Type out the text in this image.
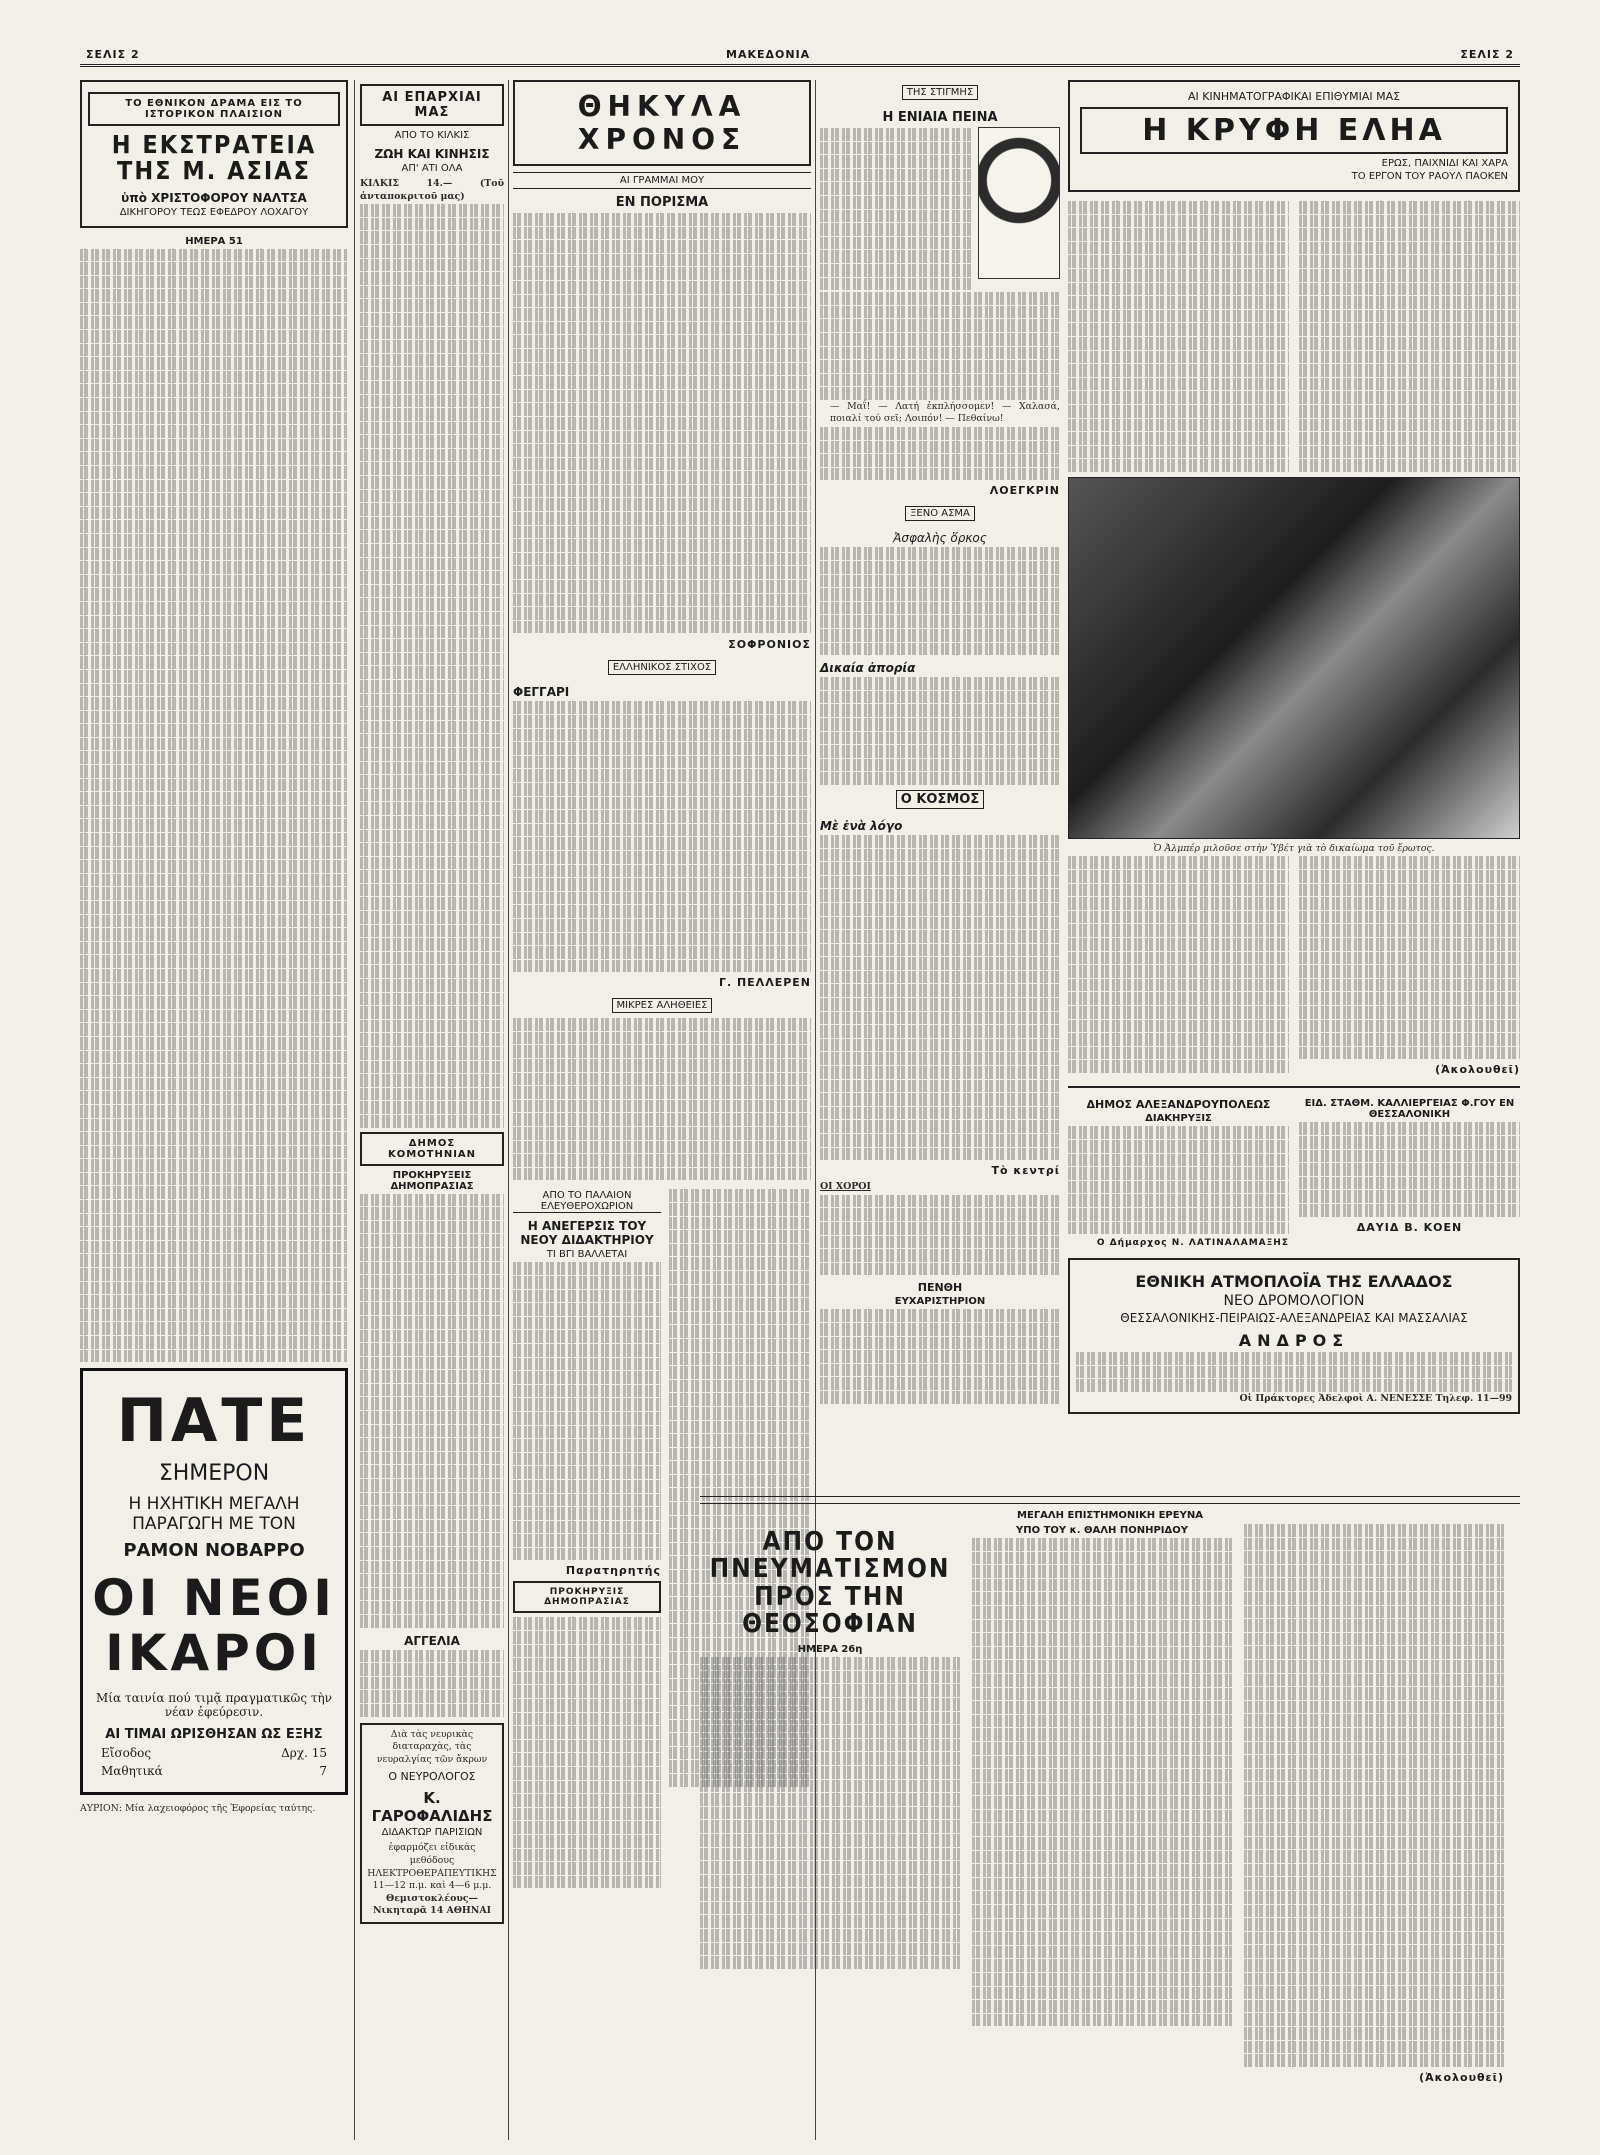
ΣΕΛΙΣ 2	ΜΑΚΕΔΟΝΙΑ	ΣΕΛΙΣ 2
ΤΟ ΕΘΝΙΚΟΝ ΔΡΑΜΑ ΕΙΣ ΤΟ ΙΣΤΟΡΙΚΟΝ ΠΛΑΙΣΙΟΝ
Η ΕΚΣΤΡΑΤΕΙΑ ΤΗΣ Μ. ΑΣΙΑΣ
ὑπὸ ΧΡΙΣΤΟΦΟΡΟΥ ΝΑΛΤΣΑ
ΔΙΚΗΓΟΡΟΥ ΤΕΩΣ ΕΦΕΔΡΟΥ ΛΟΧΑΓΟΥ
ΗΜΕΡΑ 51
ΠΑΤΕ
ΣΗΜΕΡΟΝ
Η ΗΧΗΤΙΚΗ ΜΕΓΑΛΗ
ΠΑΡΑΓΩΓΗ ΜΕ ΤΟΝ
ΡΑΜΟΝ ΝΟΒΑΡΡΟ
ΟΙ ΝΕΟΙ ΙΚΑΡΟΙ
Μία ταινία πού τιμᾷ πραγματικῶς τὴν νέαν ἐφεύρεσιν.
ΑΙ ΤΙΜΑΙ ΩΡΙΣΘΗΣΑΝ ΩΣ ΕΞΗΣ
Εἴσοδος	Δρχ. 15
Μαθητικά	7
ΑΥΡΙΟΝ: Μία λαχειοφόρος τῆς Ἐφορείας ταύτης.
ΑΙ ΕΠΑΡΧΙΑΙ ΜΑΣ
ΑΠΟ ΤΟ ΚΙΛΚΙΣ
ΖΩΗ ΚΑΙ ΚΙΝΗΣΙΣ
ΑΠ' ΑΤΙ ΟΛΑ
ΚΙΛΚΙΣ 14.— (Τοῦ ἀνταποκριτοῦ μας)
ΔΗΜΟΣ ΚΟΜΟΤΗΝΙΑΝ
ΠΡΟΚΗΡΥΞΕΙΣ ΔΗΜΟΠΡΑΣΙΑΣ
ΑΓΓΕΛΙΑ
Διὰ τὰς νευρικὰς διαταραχὰς, τὰς νευραλγίας τῶν ἄκρων
Ο ΝΕΥΡΟΛΟΓΟΣ
Κ. ΓΑΡΟΦΑΛΙΔΗΣ
ΔΙΔΑΚΤΩΡ ΠΑΡΙΣΙΩΝ
ἐφαρμόζει εἰδικὰς μεθόδους ΗΛΕΚΤΡΟΘΕΡΑΠΕΥΤΙΚΗΣ
11—12 π.μ. καὶ 4—6 μ.μ.
Θεμιστοκλέους—Νικηταρᾶ 14 ΑΘΗΝΑΙ
ΘΗΚΥΛΑ ΧΡΟΝΟΣ
ΑΙ ΓΡΑΜΜΑΙ ΜΟΥ
ΕΝ ΠΟΡΙΣΜΑ
ΣΟΦΡΟΝΙΟΣ
ΕΛΛΗΝΙΚΟΣ ΣΤΙΧΟΣ
ΦΕΓΓΑΡΙ
Γ. ΠΕΛΛΕΡΕΝ
ΜΙΚΡΕΣ ΑΛΗΘΕΙΕΣ
ΑΠΟ ΤΟ ΠΑΛΑΙΟΝ ΕΛΕΥΘΕΡΟΧΩΡΙΟΝ
Η ΑΝΕΓΕΡΣΙΣ ΤΟΥ ΝΕΟΥ ΔΙΔΑΚΤΗΡΙΟΥ
ΤΙ ΒΓΙ ΒΑΛΛΕΤΑΙ
Παρατηρητής
ΠΡΟΚΗΡΥΞΙΣ ΔΗΜΟΠΡΑΣΙΑΣ
ΤΗΣ ΣΤΙΓΜΗΣ
Η ΕΝΙΑΙΑ ΠΕΙΝΑ
— Μαΐ! — Λατή ἐκπλήσσομεν! — Χαλασά, ποιαλί τού σεῖ; Λοιπόν! — Πεθαίνω!
ΛΟΕΓΚΡΙΝ
ΞΕΝΟ ΑΣΜΑ
Ἀσφαλὴς ὅρκος
Δικαία ἀπορία
Ο ΚΟΣΜΟΣ
Μὲ ἐνὰ λόγο
Τὸ κεντρί
ΟΙ ΧΟΡΟΙ
ΠΕΝΘΗ
ΕΥΧΑΡΙΣΤΗΡΙΟΝ
ΑΙ ΚΙΝΗΜΑΤΟΓΡΑΦΙΚΑΙ ΕΠΙΘΥΜΙΑΙ ΜΑΣ
Η ΚΡΥΦΗ ΕΛΗΑ
ΕΡΩΣ, ΠΑΙΧΝΙΔΙ ΚΑΙ ΧΑΡΑ
ΤΟ ΕΡΓΟΝ ΤΟΥ ΡΑΟΥΛ ΠΑΟΚΕΝ
Ὁ Ἀλμπέρ μιλοῦσε στὴν Ὑβέτ γιὰ τὸ δικαίωμα τοῦ ἔρωτος.
(Ἀκολουθεῖ)
ΔΗΜΟΣ ΑΛΕΞΑΝΔΡΟΥΠΟΛΕΩΣ
ΔΙΑΚΗΡΥΞΙΣ
Ο Δήμαρχος Ν. ΛΑΤΙΝΑΛΑΜΑΞΗΣ
ΕΙΔ. ΣΤΑΘΜ. ΚΑΛΛΙΕΡΓΕΙΑΣ Φ.ΓΟΥ ΕΝ ΘΕΣΣΑΛΟΝΙΚΗ
ΔΑΥΙΔ Β. ΚΟΕΝ
ΕΘΝΙΚΗ ΑΤΜΟΠΛΟΪΑ ΤΗΣ ΕΛΛΑΔΟΣ
ΝΕΟ ΔΡΟΜΟΛΟΓΙΟΝ
ΘΕΣΣΑΛΟΝΙΚΗΣ-ΠΕΙΡΑΙΩΣ-ΑΛΕΞΑΝΔΡΕΙΑΣ ΚΑΙ ΜΑΣΣΑΛΙΑΣ
ΑΝΔΡΟΣ
Οἱ Πράκτορες Ἀδελφοὶ Α. ΝΕΝΕΣΣΕ Τηλεφ. 11—99
ΜΕΓΑΛΗ ΕΠΙΣΤΗΜΟΝΙΚΗ ΕΡΕΥΝΑ
ΑΠΟ ΤΟΝ ΠΝΕΥΜΑΤΙΣΜΟΝ ΠΡΟΣ ΤΗΝ ΘΕΟΣΟΦΙΑΝ
ΗΜΕΡΑ 26η
ΥΠΟ ΤΟΥ κ. ΘΑΛΗ ΠΟΝΗΡΙΔΟΥ
(Ἀκολουθεῖ)
